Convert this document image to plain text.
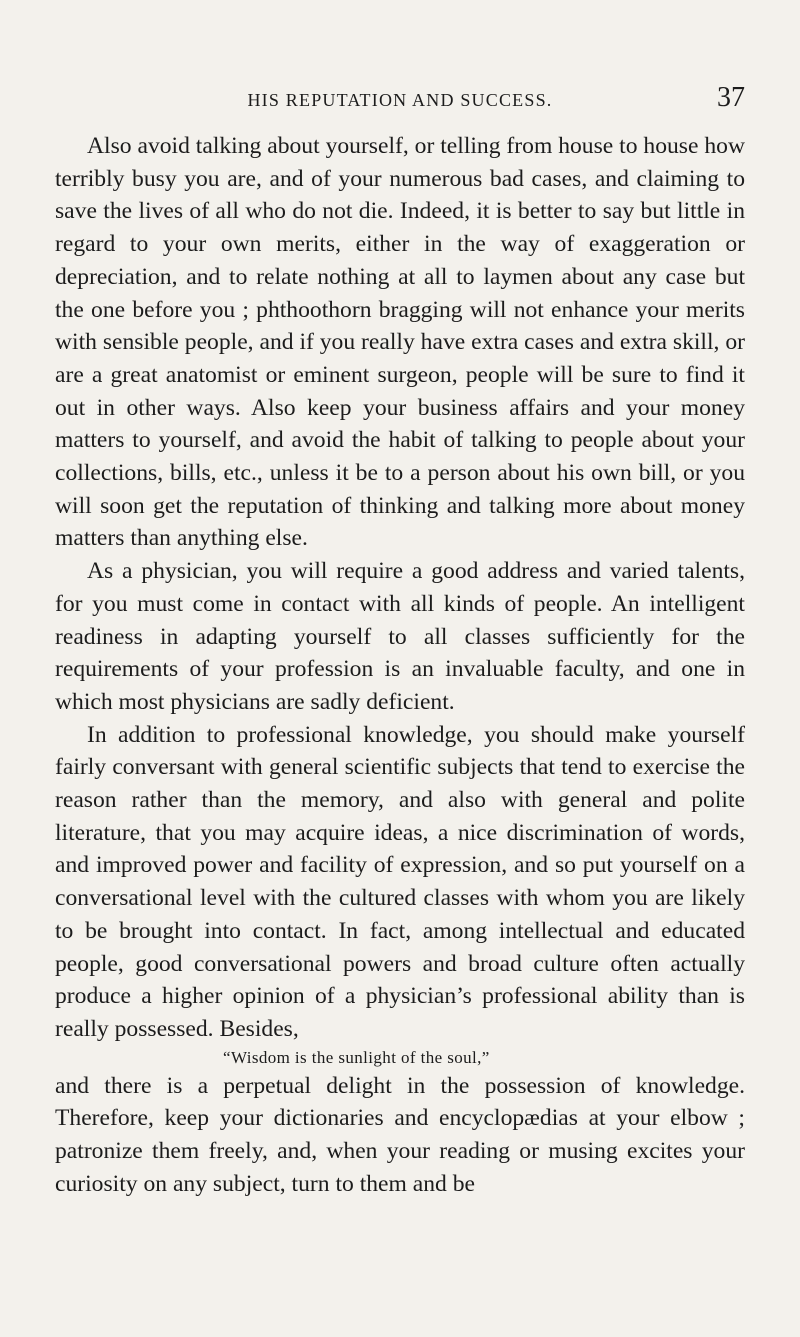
HIS REPUTATION AND SUCCESS.	37

Also avoid talking about yourself, or telling from house to house how terribly busy you are, and of your numerous bad cases, and claiming to save the lives of all who do not die. Indeed, it is better to say but little in regard to your own merits, either in the way of exaggeration or depreciation, and to relate nothing at all to laymen about any case but the one before you ; phthoothorn bragging will not enhance your merits with sensible people, and if you really have extra cases and extra skill, or are a great anatomist or eminent surgeon, people will be sure to find it out in other ways. Also keep your business affairs and your money matters to yourself, and avoid the habit of talking to people about your collections, bills, etc., unless it be to a person about his own bill, or you will soon get the reputation of thinking and talking more about money matters than anything else.

As a physician, you will require a good address and varied talents, for you must come in contact with all kinds of people. An intelligent readiness in adapting yourself to all classes sufficiently for the requirements of your profession is an invaluable faculty, and one in which most physicians are sadly deficient.

In addition to professional knowledge, you should make yourself fairly conversant with general scientific subjects that tend to exercise the reason rather than the memory, and also with general and polite literature, that you may acquire ideas, a nice discrimination of words, and improved power and facility of expression, and so put yourself on a conversational level with the cultured classes with whom you are likely to be brought into contact. In fact, among intellectual and educated people, good conversational powers and broad culture often actually produce a higher opinion of a physician’s professional ability than is really possessed. Besides,

“Wisdom is the sunlight of the soul,”

and there is a perpetual delight in the possession of knowledge. Therefore, keep your dictionaries and encyclopædias at your elbow ; patronize them freely, and, when your reading or musing excites your curiosity on any subject, turn to them and be
